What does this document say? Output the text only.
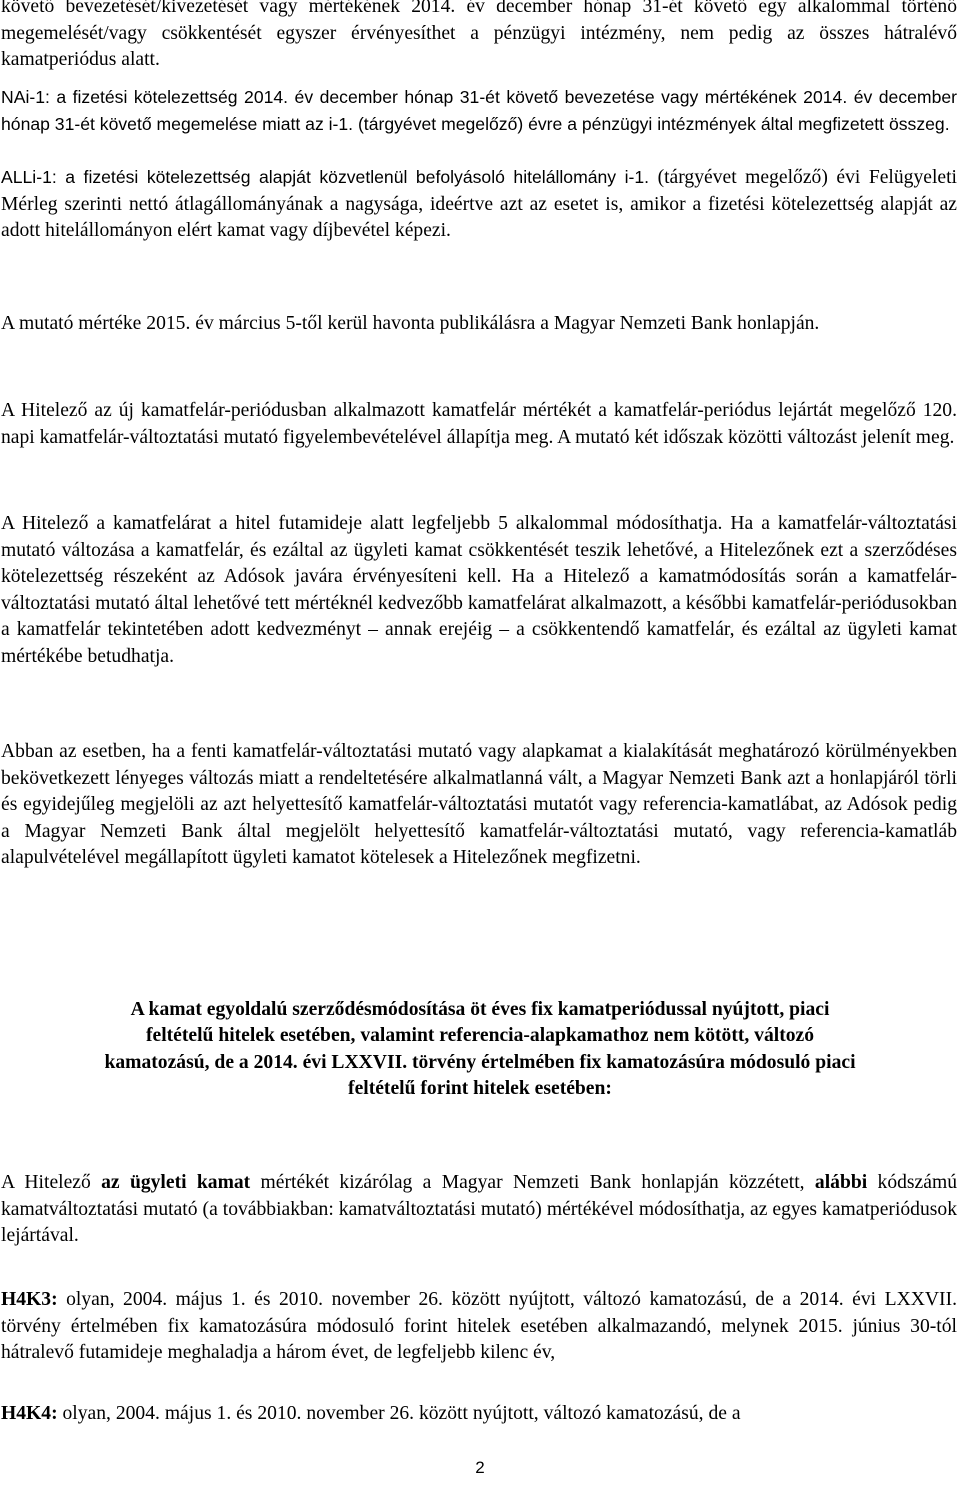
követő bevezetését/kivezetését vagy mértékének 2014. év december hónap 31-ét követő egy alkalommal történő megemelését/vagy csökkentését egyszer érvényesíthet a pénzügyi intézmény, nem pedig az összes hátralévő kamatperiódus alatt.
NAi-1: a fizetési kötelezettség 2014. év december hónap 31-ét követő bevezetése vagy mértékének 2014. év december hónap 31-ét követő megemelése miatt az i-1. (tárgyévet megelőző) évre a pénzügyi intézmények által megfizetett összeg.
ALLi-1: a fizetési kötelezettség alapját közvetlenül befolyásoló hitelállomány i-1. (tárgyévet megelőző) évi Felügyeleti Mérleg szerinti nettó átlagállományának a nagysága, ideértve azt az esetet is, amikor a fizetési kötelezettség alapját az adott hitelállományon elért kamat vagy díjbevétel képezi.
A mutató mértéke 2015. év március 5-től kerül havonta publikálásra a Magyar Nemzeti Bank honlapján.
A Hitelező az új kamatfelár-periódusban alkalmazott kamatfelár mértékét a kamatfelár-periódus lejártát megelőző 120. napi kamatfelár-változtatási mutató figyelembevételével állapítja meg. A mutató két időszak közötti változást jelenít meg.
A Hitelező a kamatfelárat a hitel futamideje alatt legfeljebb 5 alkalommal módosíthatja. Ha a kamatfelár-változtatási mutató változása a kamatfelár, és ezáltal az ügyleti kamat csökkentését teszik lehetővé, a Hitelezőnek ezt a szerződéses kötelezettség részeként az Adósok javára érvényesíteni kell. Ha a Hitelező a kamatmódosítás során a kamatfelár-változtatási mutató által lehetővé tett mértéknél kedvezőbb kamatfelárat alkalmazott, a későbbi kamatfelár-periódusokban a kamatfelár tekintetében adott kedvezményt – annak erejéig – a csökkentendő kamatfelár, és ezáltal az ügyleti kamat mértékébe betudhatja.
Abban az esetben, ha a fenti kamatfelár-változtatási mutató vagy alapkamat a kialakítását meghatározó körülményekben bekövetkezett lényeges változás miatt a rendeltetésére alkalmatlanná vált, a Magyar Nemzeti Bank azt a honlapjáról törli és egyidejűleg megjelöli az azt helyettesítő kamatfelár-változtatási mutatót vagy referencia-kamatlábat, az Adósok pedig a Magyar Nemzeti Bank által megjelölt helyettesítő kamatfelár-változtatási mutató, vagy referencia-kamatláb alapulvételével megállapított ügyleti kamatot kötelesek a Hitelezőnek megfizetni.
A kamat egyoldalú szerződésmódosítása öt éves fix kamatperiódussal nyújtott, piaci
feltételű hitelek esetében, valamint referencia-alapkamathoz nem kötött, változó
kamatozású, de a 2014. évi LXXVII. törvény értelmében fix kamatozásúra módosuló piaci
feltételű forint hitelek esetében:
A Hitelező az ügyleti kamat mértékét kizárólag a Magyar Nemzeti Bank honlapján közzétett, alábbi kódszámú kamatváltoztatási mutató (a továbbiakban: kamatváltoztatási mutató) mértékével módosíthatja, az egyes kamatperiódusok lejártával.
H4K3: olyan, 2004. május 1. és 2010. november 26. között nyújtott, változó kamatozású, de a 2014. évi LXXVII. törvény értelmében fix kamatozásúra módosuló forint hitelek esetében alkalmazandó, melynek 2015. június 30-tól hátralevő futamideje meghaladja a három évet, de legfeljebb kilenc év,
H4K4: olyan, 2004. május 1. és 2010. november 26. között nyújtott, változó kamatozású, de a
2
